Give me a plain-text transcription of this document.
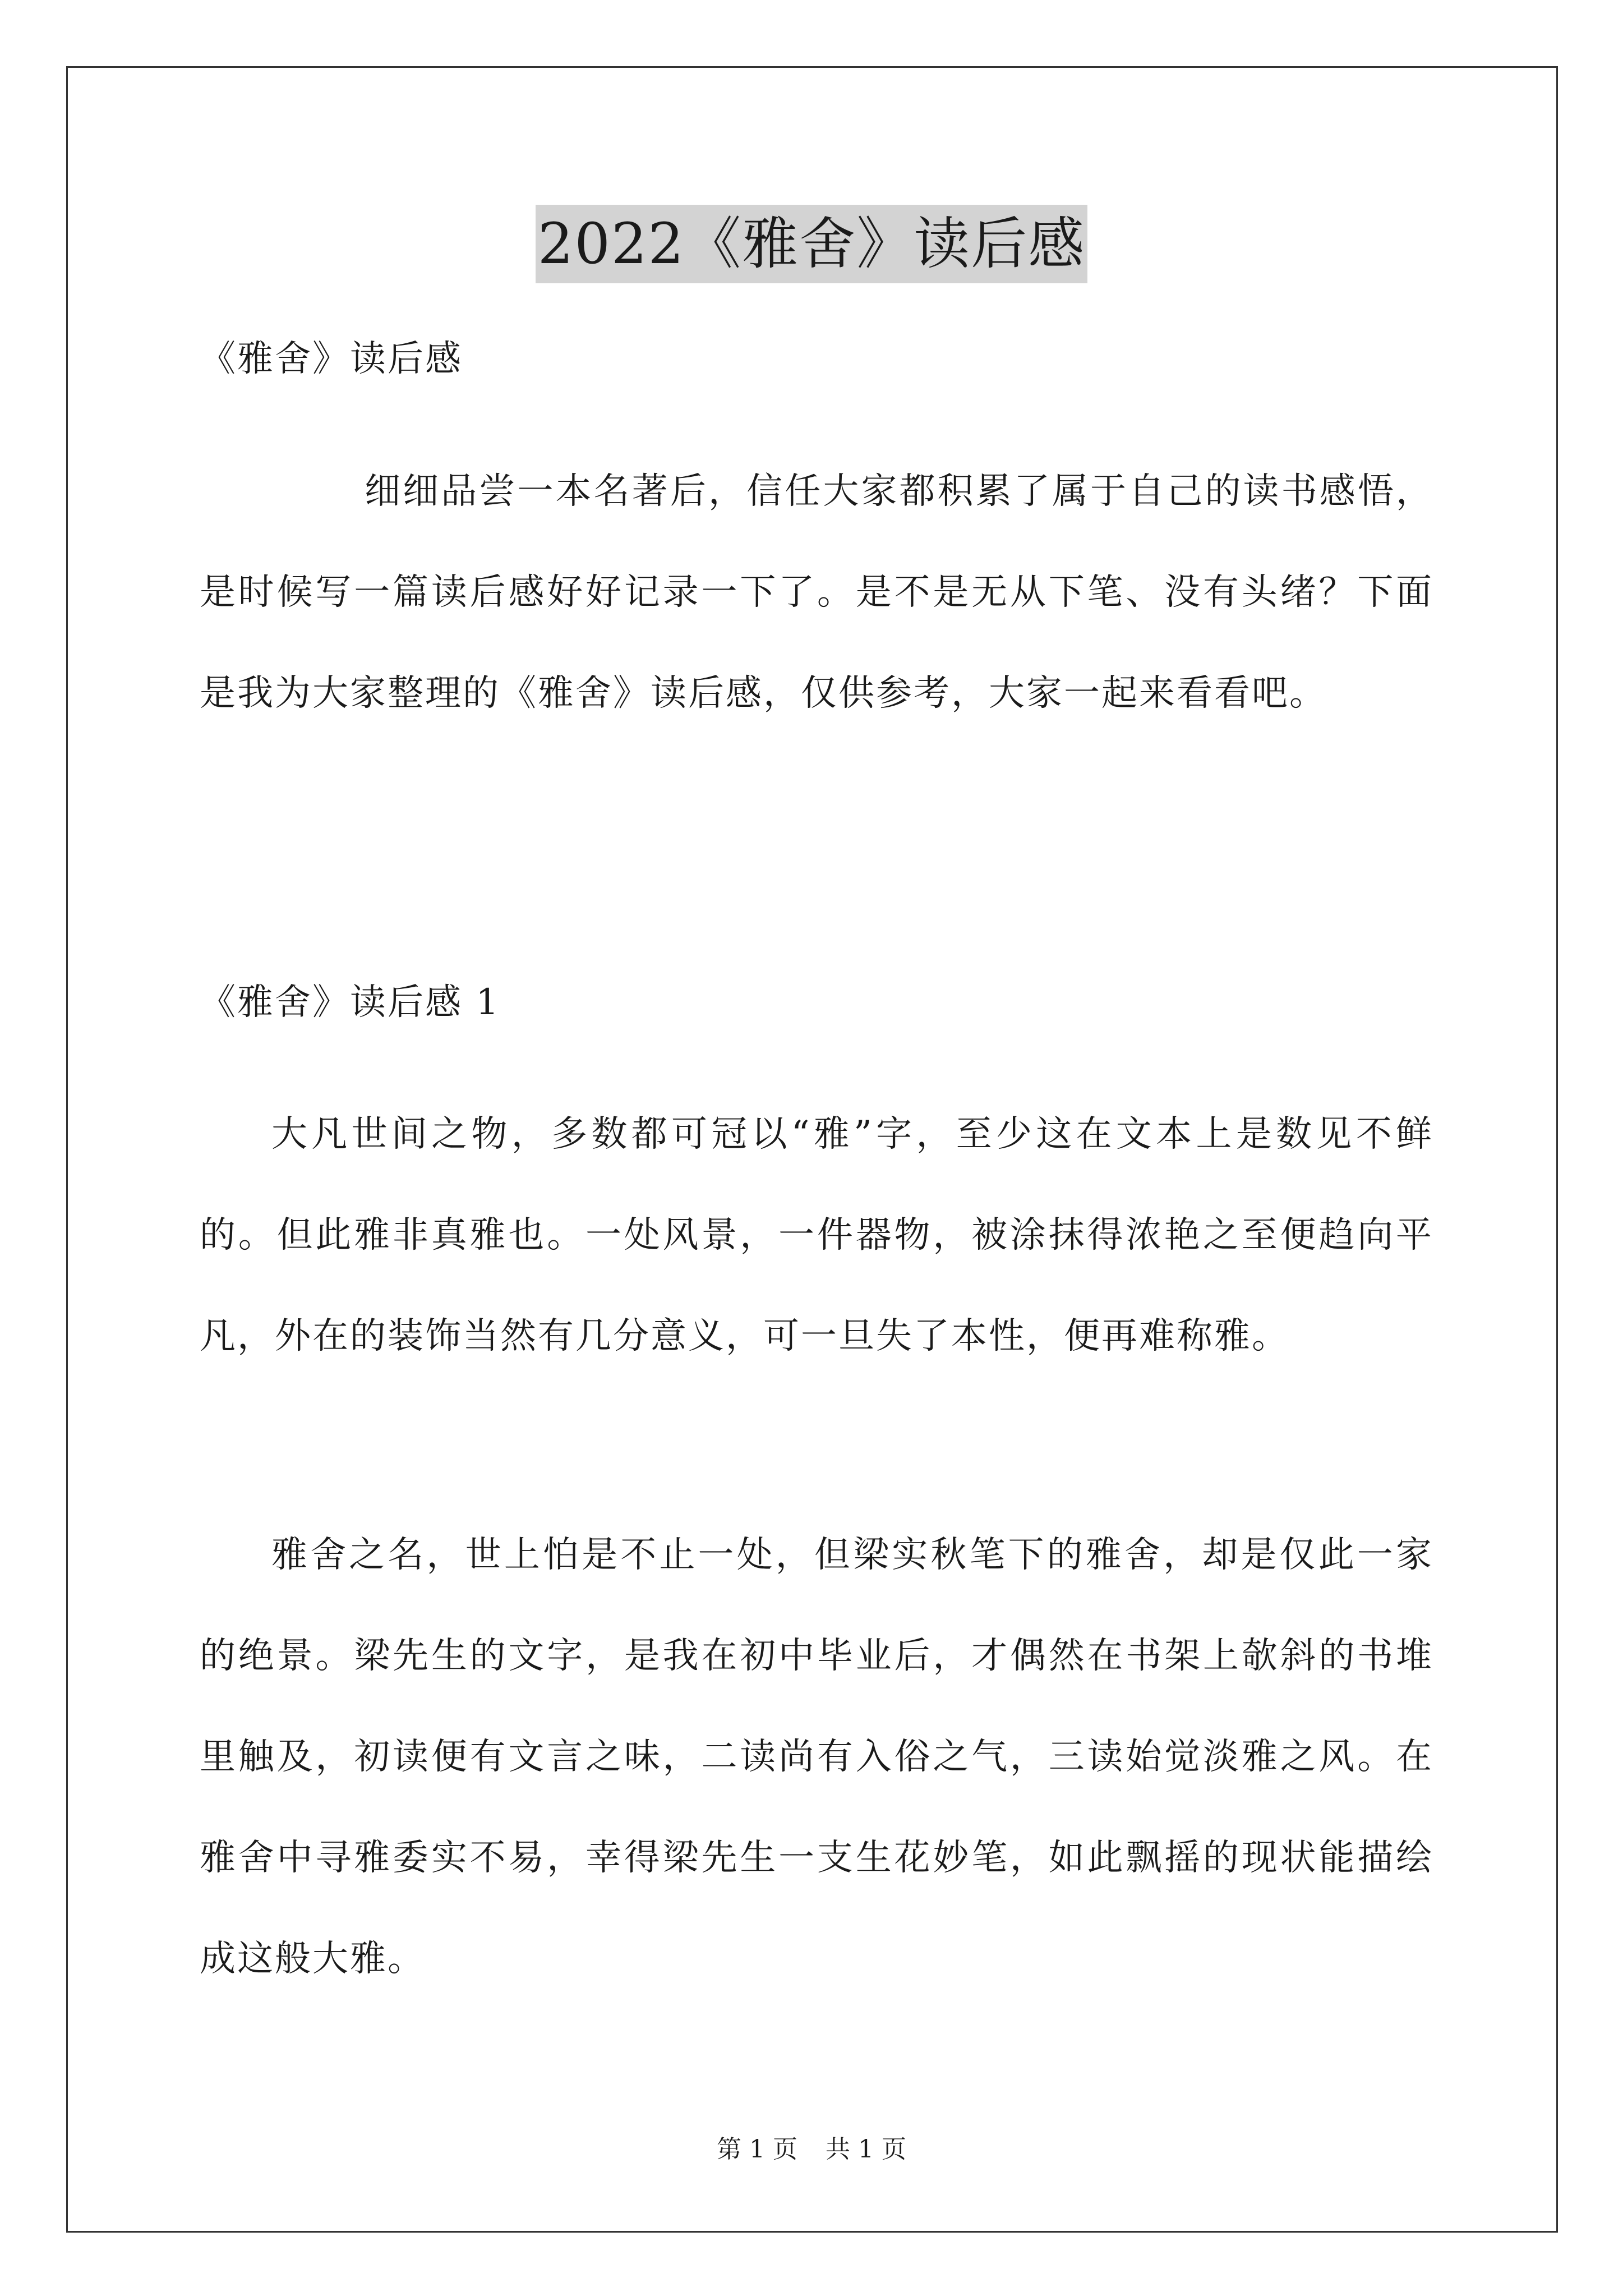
2022《雅舍》读后感

《雅舍》读后感

细细品尝一本名著后，信任大家都积累了属于自己的读书感悟，是时候写一篇读后感好好记录一下了。是不是无从下笔、没有头绪？下面是我为大家整理的《雅舍》读后感，仅供参考，大家一起来看看吧。

《雅舍》读后感 1

大凡世间之物，多数都可冠以“雅”字，至少这在文本上是数见不鲜的。但此雅非真雅也。一处风景，一件器物，被涂抹得浓艳之至便趋向平凡，外在的装饰当然有几分意义，可一旦失了本性，便再难称雅。

雅舍之名，世上怕是不止一处，但梁实秋笔下的雅舍，却是仅此一家的绝景。梁先生的文字，是我在初中毕业后，才偶然在书架上欹斜的书堆里触及，初读便有文言之味，二读尚有入俗之气，三读始觉淡雅之风。在雅舍中寻雅委实不易，幸得梁先生一支生花妙笔，如此飘摇的现状能描绘成这般大雅。

第 1 页 共 1 页
